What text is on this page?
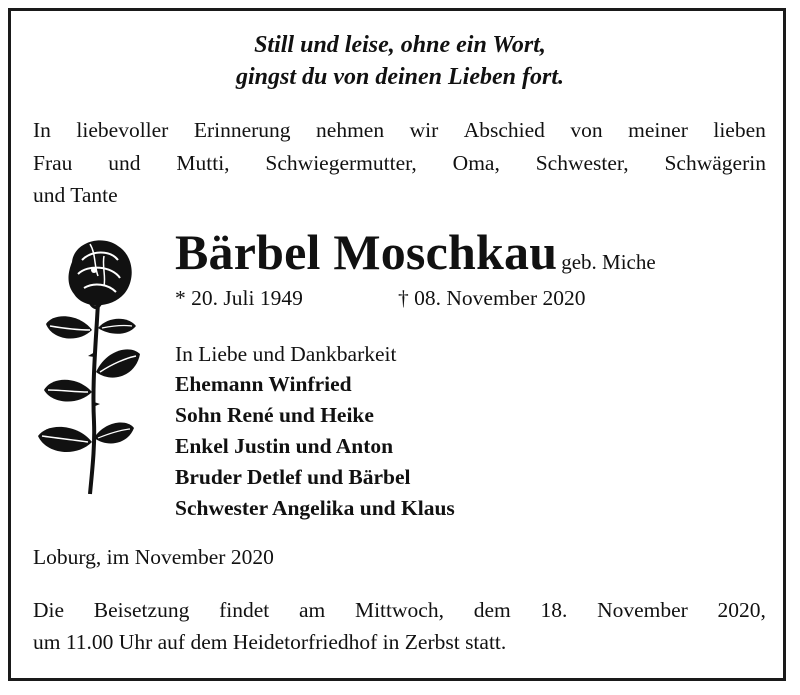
Still und leise, ohne ein Wort,
gingst du von deinen Lieben fort.
In liebevoller Erinnerung nehmen wir Abschied von meiner lieben
Frau und Mutti, Schwiegermutter, Oma, Schwester, Schwägerin
und Tante
Bärbel Moschkau geb. Miche
* 20. Juli 1949	† 08. November 2020
In Liebe und Dankbarkeit
Ehemann Winfried
Sohn René und Heike
Enkel Justin und Anton
Bruder Detlef und Bärbel
Schwester Angelika und Klaus
Loburg, im November 2020
Die Beisetzung findet am Mittwoch, dem 18. November 2020,
um 11.00 Uhr auf dem Heidetorfriedhof in Zerbst statt.
